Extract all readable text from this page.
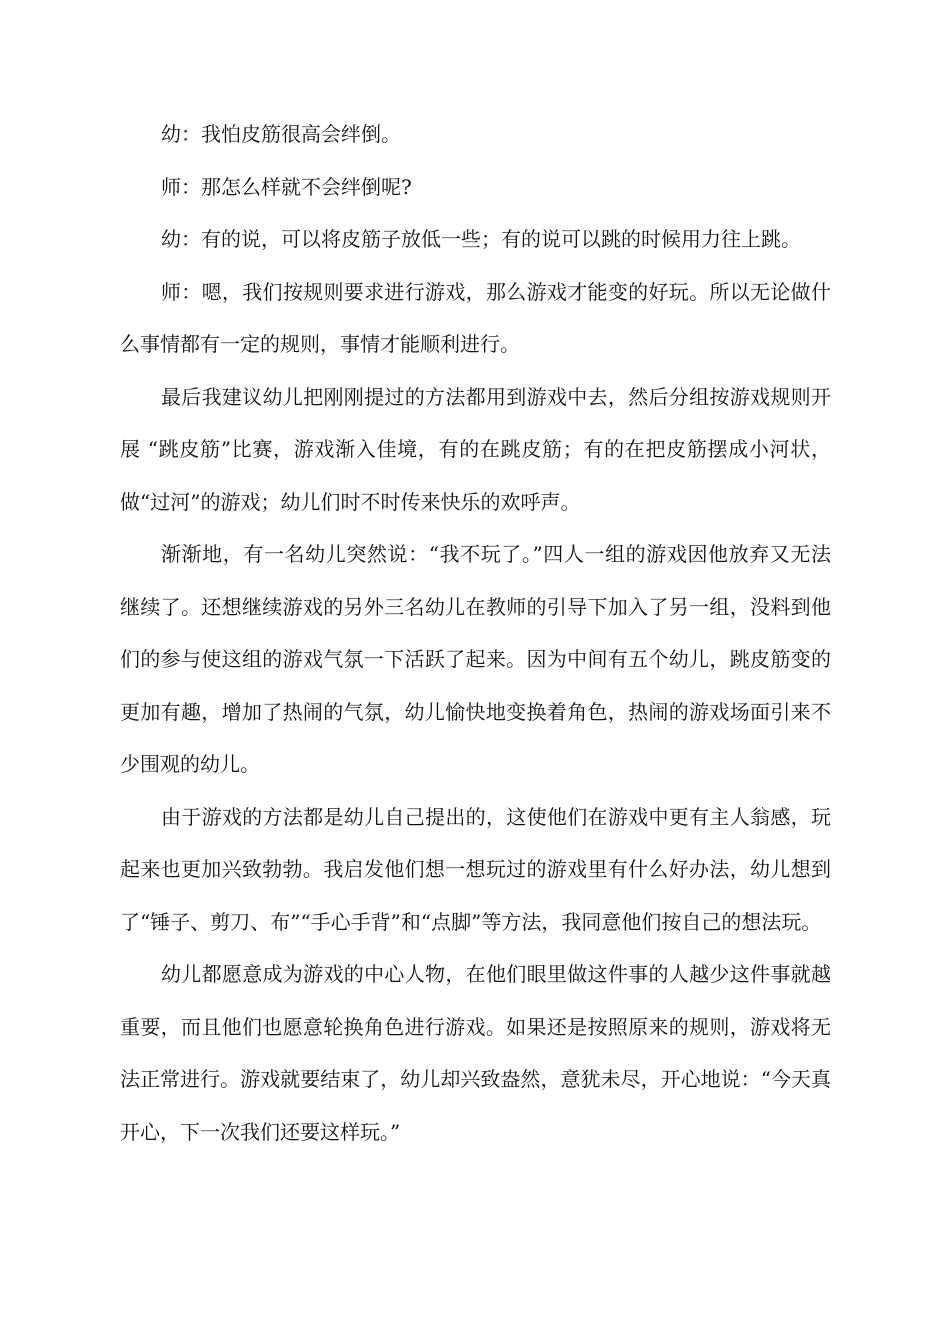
幼：我怕皮筋很高会绊倒。

师：那怎么样就不会绊倒呢?

幼：有的说，可以将皮筋子放低一些；有的说可以跳的时候用力往上跳。

师：嗯，我们按规则要求进行游戏，那么游戏才能变的好玩。所以无论做什么事情都有一定的规则，事情才能顺利进行。

最后我建议幼儿把刚刚提过的方法都用到游戏中去，然后分组按游戏规则开展 “跳皮筋”比赛，游戏渐入佳境，有的在跳皮筋；有的在把皮筋摆成小河状，做“过河”的游戏；幼儿们时不时传来快乐的欢呼声。

渐渐地，有一名幼儿突然说：“我不玩了。”四人一组的游戏因他放弃又无法继续了。还想继续游戏的另外三名幼儿在教师的引导下加入了另一组，没料到他们的参与使这组的游戏气氛一下活跃了起来。因为中间有五个幼儿，跳皮筋变的更加有趣，增加了热闹的气氛，幼儿愉快地变换着角色，热闹的游戏场面引来不少围观的幼儿。

由于游戏的方法都是幼儿自己提出的，这使他们在游戏中更有主人翁感，玩起来也更加兴致勃勃。我启发他们想一想玩过的游戏里有什么好办法，幼儿想到了“锤子、剪刀、布”“手心手背”和“点脚”等方法，我同意他们按自己的想法玩。

幼儿都愿意成为游戏的中心人物，在他们眼里做这件事的人越少这件事就越重要，而且他们也愿意轮换角色进行游戏。如果还是按照原来的规则，游戏将无法正常进行。游戏就要结束了，幼儿却兴致盎然，意犹未尽，开心地说：“今天真开心，下一次我们还要这样玩。”
